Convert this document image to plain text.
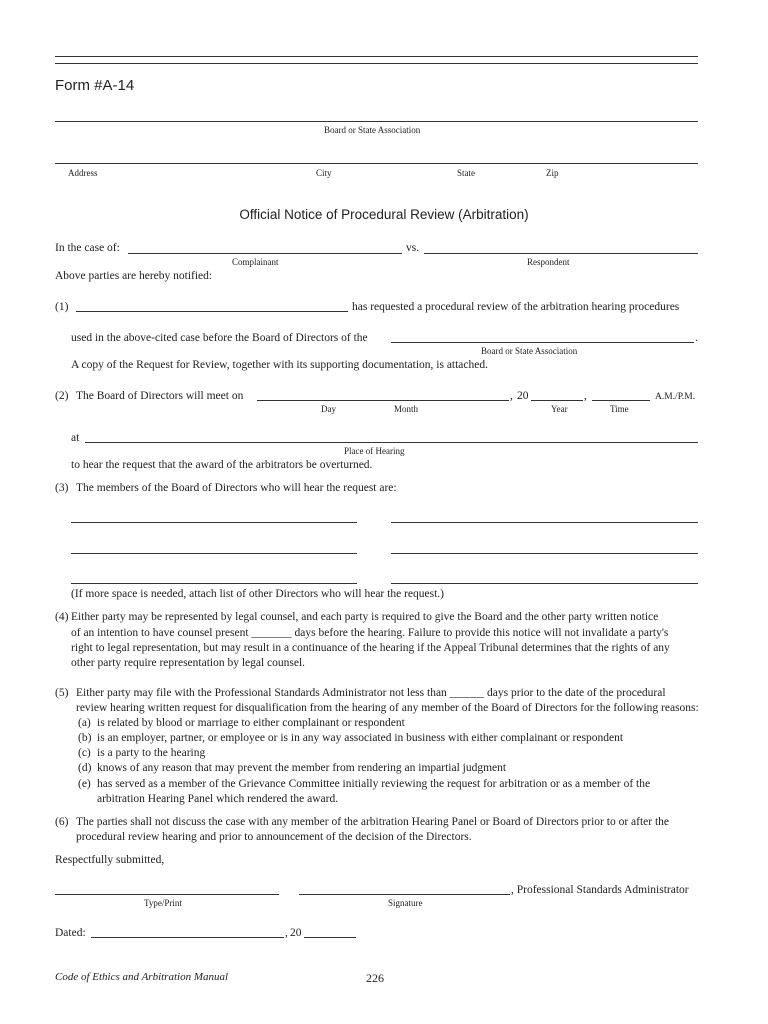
Form #A-14
Board or State Association
Address	City	State	Zip
Official Notice of Procedural Review (Arbitration)
In the case of:	vs.
Complainant	Respondent
Above parties are hereby notified:
(1)	has requested a procedural review of the arbitration hearing procedures
used in the above-cited case before the Board of Directors of the	.
Board or State Association
A copy of the Request for Review, together with its supporting documentation, is attached.
(2) The Board of Directors will meet on	, 20	,	A.M./P.M.
Day	Month	Year	Time
at
Place of Hearing
to hear the request that the award of the arbitrators be overturned.
(3) The members of the Board of Directors who will hear the request are:
(If more space is needed, attach list of other Directors who will hear the request.)
(4) Either party may be represented by legal counsel, and each party is required to give the Board and the other party written notice
of an intention to have counsel present _______ days before the hearing. Failure to provide this notice will not invalidate a party's
right to legal representation, but may result in a continuance of the hearing if the Appeal Tribunal determines that the rights of any
other party require representation by legal counsel.
(5) Either party may file with the Professional Standards Administrator not less than ______ days prior to the date of the procedural
review hearing written request for disqualification from the hearing of any member of the Board of Directors for the following reasons:
(a) is related by blood or marriage to either complainant or respondent
(b) is an employer, partner, or employee or is in any way associated in business with either complainant or respondent
(c) is a party to the hearing
(d) knows of any reason that may prevent the member from rendering an impartial judgment
(e) has served as a member of the Grievance Committee initially reviewing the request for arbitration or as a member of the
arbitration Hearing Panel which rendered the award.
(6) The parties shall not discuss the case with any member of the arbitration Hearing Panel or Board of Directors prior to or after the
procedural review hearing and prior to announcement of the decision of the Directors.
Respectfully submitted,
, Professional Standards Administrator
Type/Print	Signature
Dated:	, 20
Code of Ethics and Arbitration Manual	226
